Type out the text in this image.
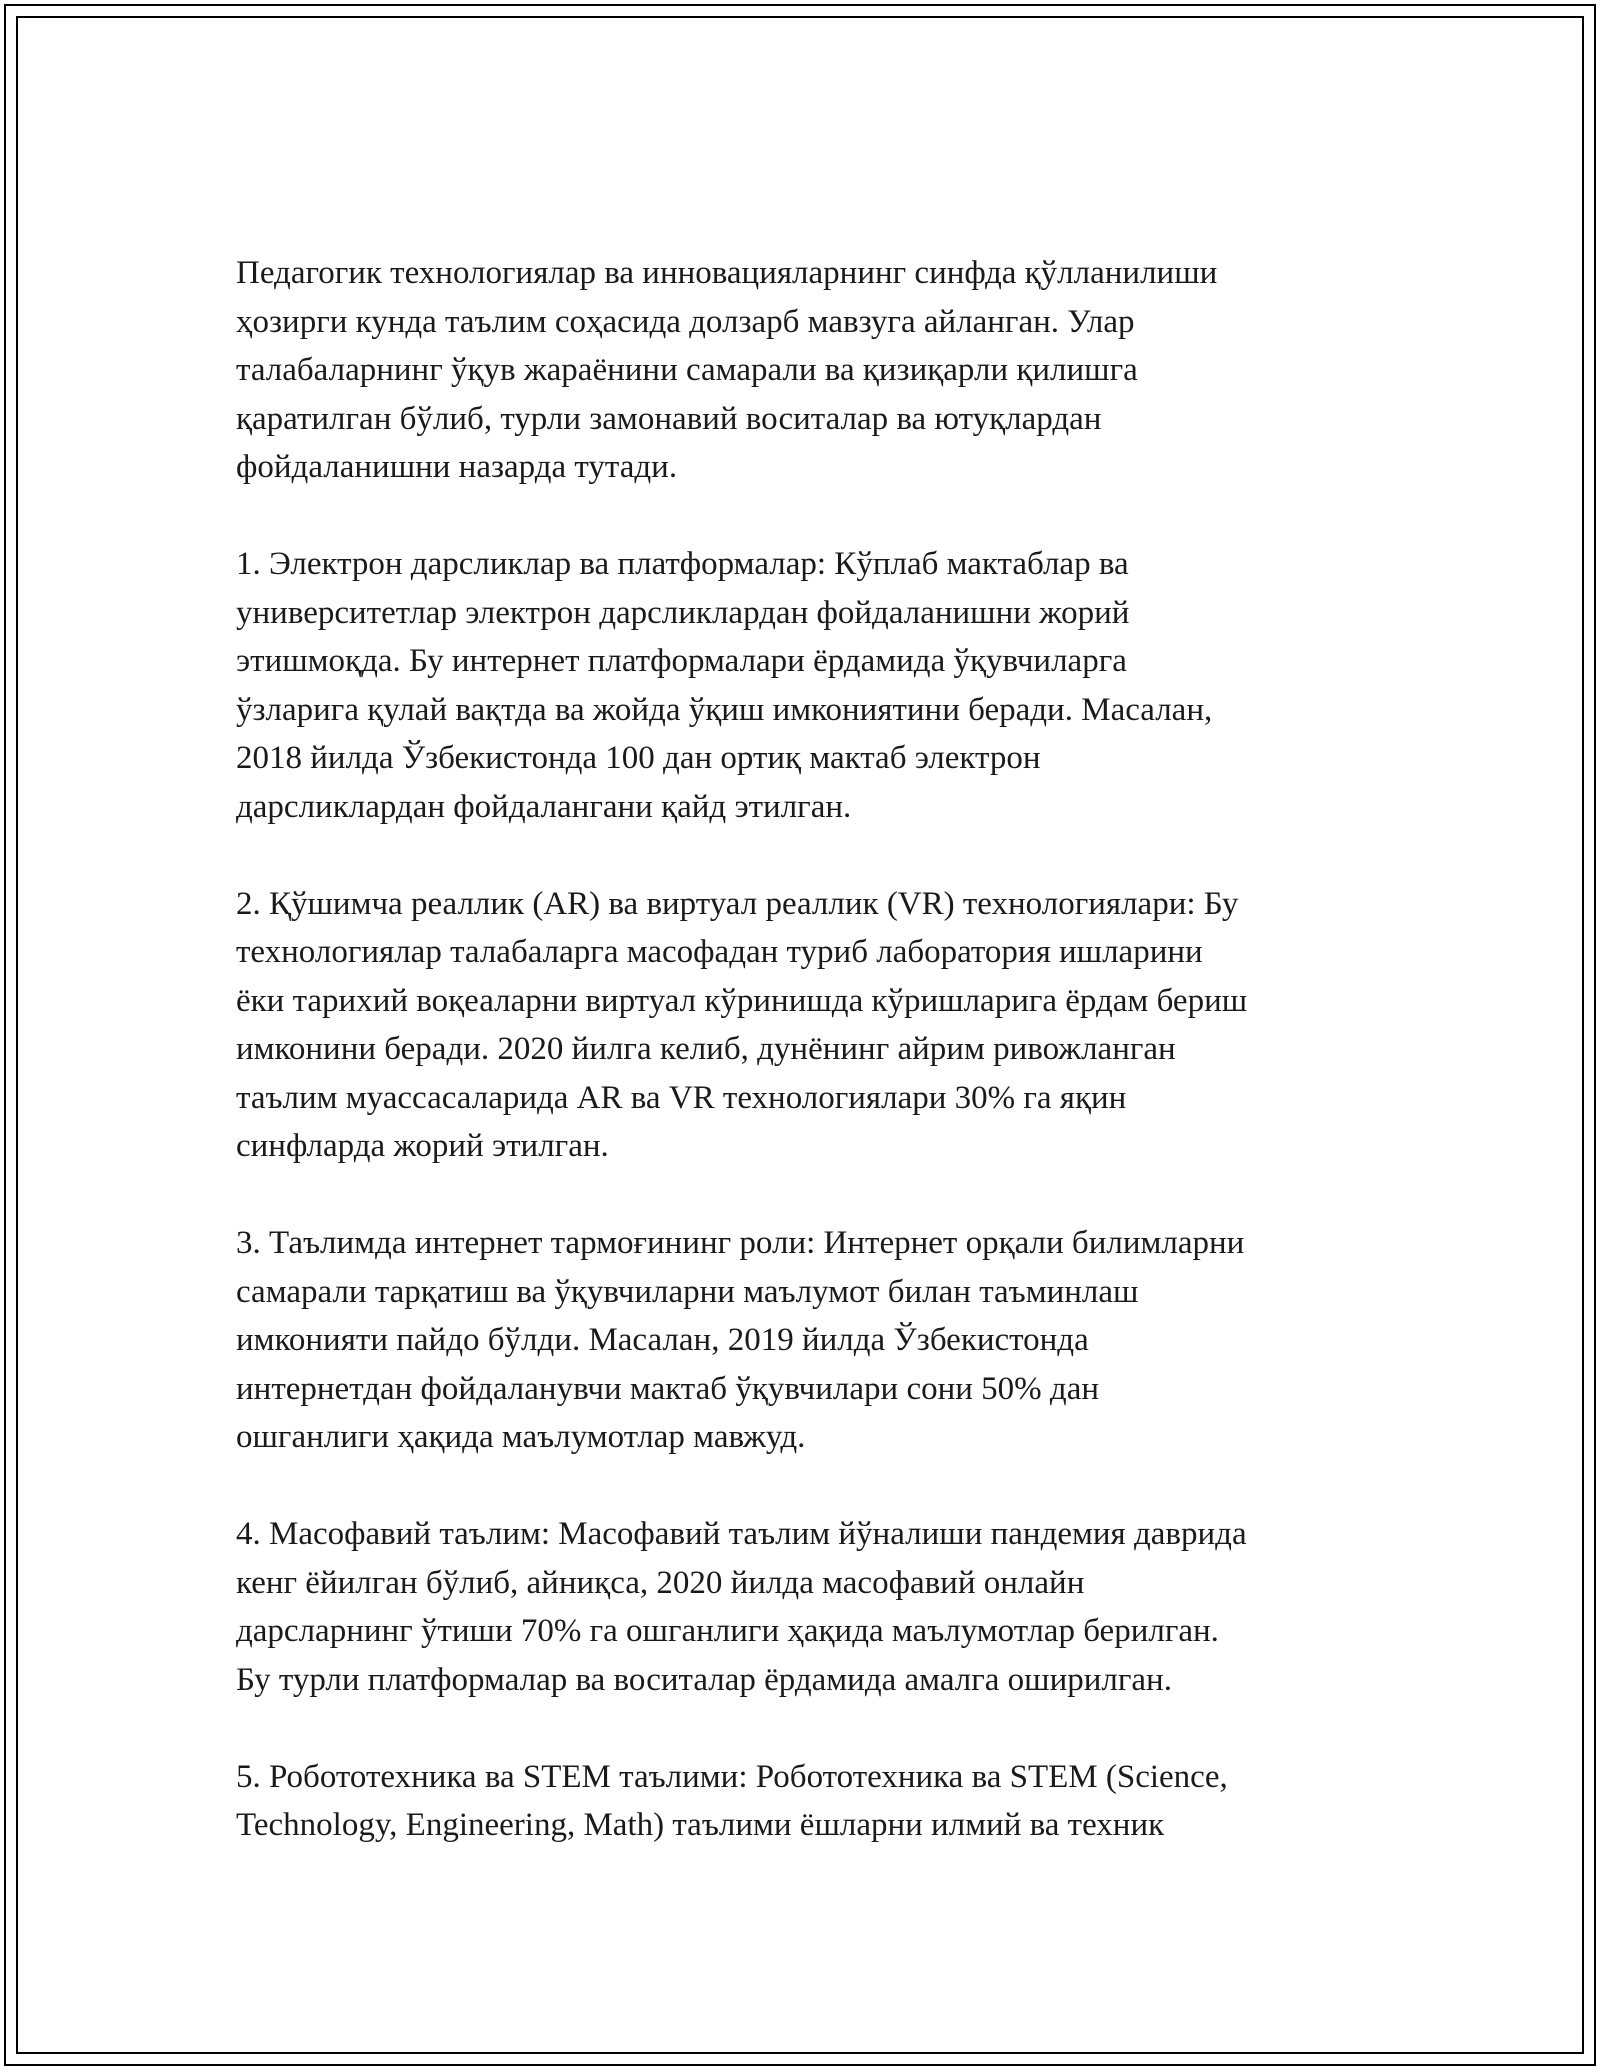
Педагогик технологиялар ва инновацияларнинг синфда қўлланилиши
ҳозирги кунда таълим соҳасида долзарб мавзуга айланган. Улар
талабаларнинг ўқув жараёнини самарали ва қизиқарли қилишга
қаратилган бўлиб, турли замонавий воситалар ва ютуқлардан
фойдаланишни назарда тутади.

1. Электрон дарсликлар ва платформалар: Кўплаб мактаблар ва
университетлар электрон дарсликлардан фойдаланишни жорий
этишмоқда. Бу интернет платформалари ёрдамида ўқувчиларга
ўзларига қулай вақтда ва жойда ўқиш имкониятини беради. Масалан,
2018 йилда Ўзбекистонда 100 дан ортиқ мактаб электрон
дарсликлардан фойдалангани қайд этилган.

2. Қўшимча реаллик (AR) ва виртуал реаллик (VR) технологиялари: Бу
технологиялар талабаларга масофадан туриб лаборатория ишларини
ёки тарихий воқеаларни виртуал кўринишда кўришларига ёрдам бериш
имконини беради. 2020 йилга келиб, дунёнинг айрим ривожланган
таълим муассасаларида AR ва VR технологиялари 30% га яқин
синфларда жорий этилган.

3. Таълимда интернет тармоғининг роли: Интернет орқали билимларни
самарали тарқатиш ва ўқувчиларни маълумот билан таъминлаш
имконияти пайдо бўлди. Масалан, 2019 йилда Ўзбекистонда
интернетдан фойдаланувчи мактаб ўқувчилари сони 50% дан
ошганлиги ҳақида маълумотлар мавжуд.

4. Масофавий таълим: Масофавий таълим йўналиши пандемия даврида
кенг ёйилган бўлиб, айниқса, 2020 йилда масофавий онлайн
дарсларнинг ўтиши 70% га ошганлиги ҳақида маълумотлар берилган.
Бу турли платформалар ва воситалар ёрдамида амалга оширилган.

5. Робототехника ва STEM таълими: Робототехника ва STEM (Science,
Technology, Engineering, Math) таълими ёшларни илмий ва техник
